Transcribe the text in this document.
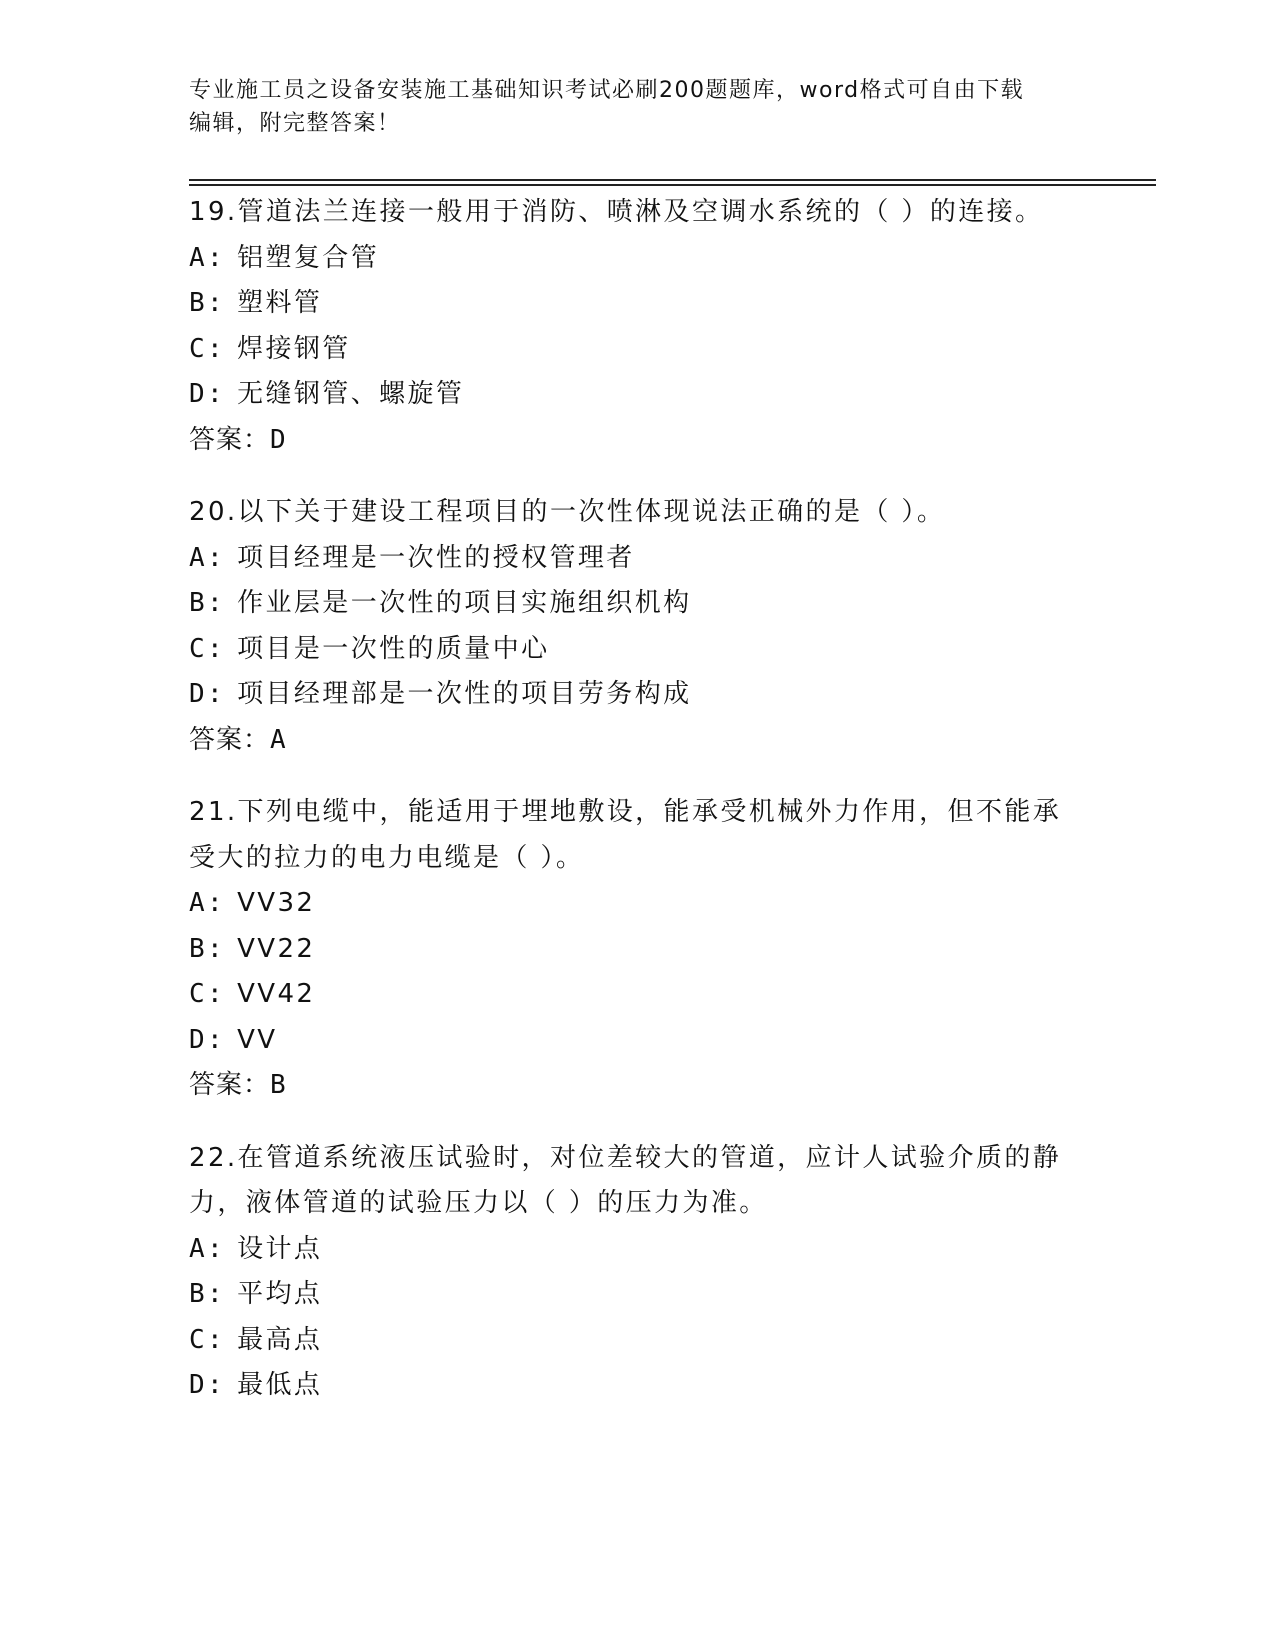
专业施工员之设备安装施工基础知识考试必刷200题题库，word格式可自由下载
编辑，附完整答案！
19.管道法兰连接一般用于消防、喷淋及空调水系统的（ ）的连接。
A: 铝塑复合管
B: 塑料管
C: 焊接钢管
D: 无缝钢管、螺旋管
答案：D
20.以下关于建设工程项目的一次性体现说法正确的是（ ）。
A: 项目经理是一次性的授权管理者
B: 作业层是一次性的项目实施组织机构
C: 项目是一次性的质量中心
D: 项目经理部是一次性的项目劳务构成
答案：A
21.下列电缆中，能适用于埋地敷设，能承受机械外力作用，但不能承
受大的拉力的电力电缆是（ ）。
A: VV32
B: VV22
C: VV42
D: VV
答案：B
22.在管道系统液压试验时，对位差较大的管道，应计人试验介质的静
力，液体管道的试验压力以（ ）的压力为准。
A: 设计点
B: 平均点
C: 最高点
D: 最低点
